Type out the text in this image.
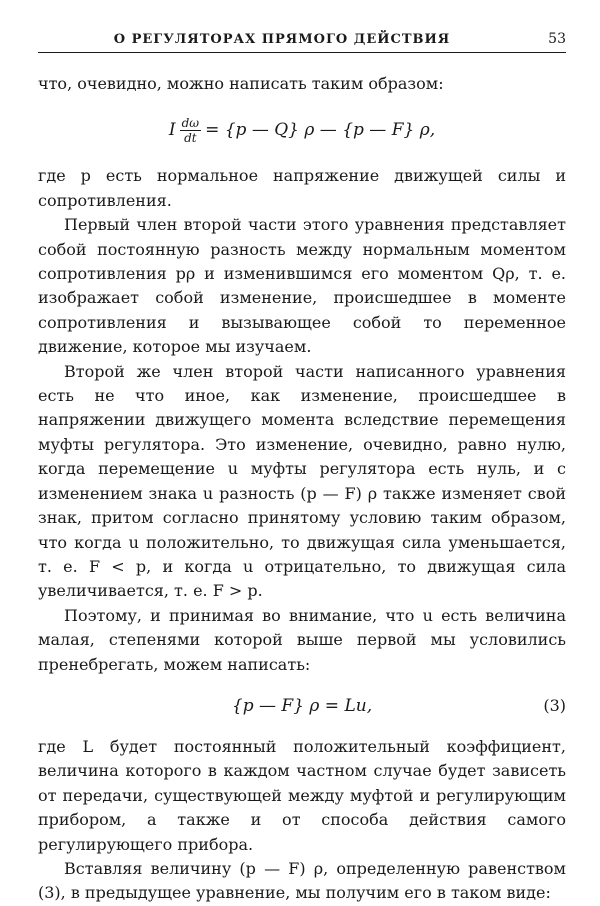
О РЕГУЛЯТОРАХ ПРЯМОГО ДЕЙСТВИЯ	53

что, очевидно, можно написать таким образом:

I $\frac{d\omega}{dt} = \{p$ — Q} ρ — {p — F} ρ,

где p есть нормальное напряжение движущей силы и сопротивления.

Первый член второй части этого уравнения представляет собой постоянную разность между нормальным моментом сопротивления pρ и изменившимся его моментом Qρ, т. е. изображает собой изменение, происшедшее в моменте сопротивления и вызывающее собой то переменное движение, которое мы изучаем.

Второй же член второй части написанного уравнения есть не что иное, как изменение, происшедшее в напряжении движущего момента вследствие перемещения муфты регулятора. Это изменение, очевидно, равно нулю, когда перемещение u муфты регулятора есть нуль, и с изменением знака u разность (p — F) ρ также изменяет свой знак, притом согласно принятому условию таким образом, что когда u положительно, то движущая сила уменьшается, т. е. F < p, и когда u отрицательно, то движущая сила увеличивается, т. е. F > p.

Поэтому, и принимая во внимание, что u есть величина малая, степенями которой выше первой мы условились пренебрегать, можем написать:

{p — F} ρ = Lu,	(3)

где L будет постоянный положительный коэффициент, величина которого в каждом частном случае будет зависеть от передачи, существующей между муфтой и регулирующим прибором, а также и от способа действия самого регулирующего прибора.

Вставляя величину (p — F) ρ, определенную равенством (3), в предыдущее уравнение, мы получим его в таком виде:
